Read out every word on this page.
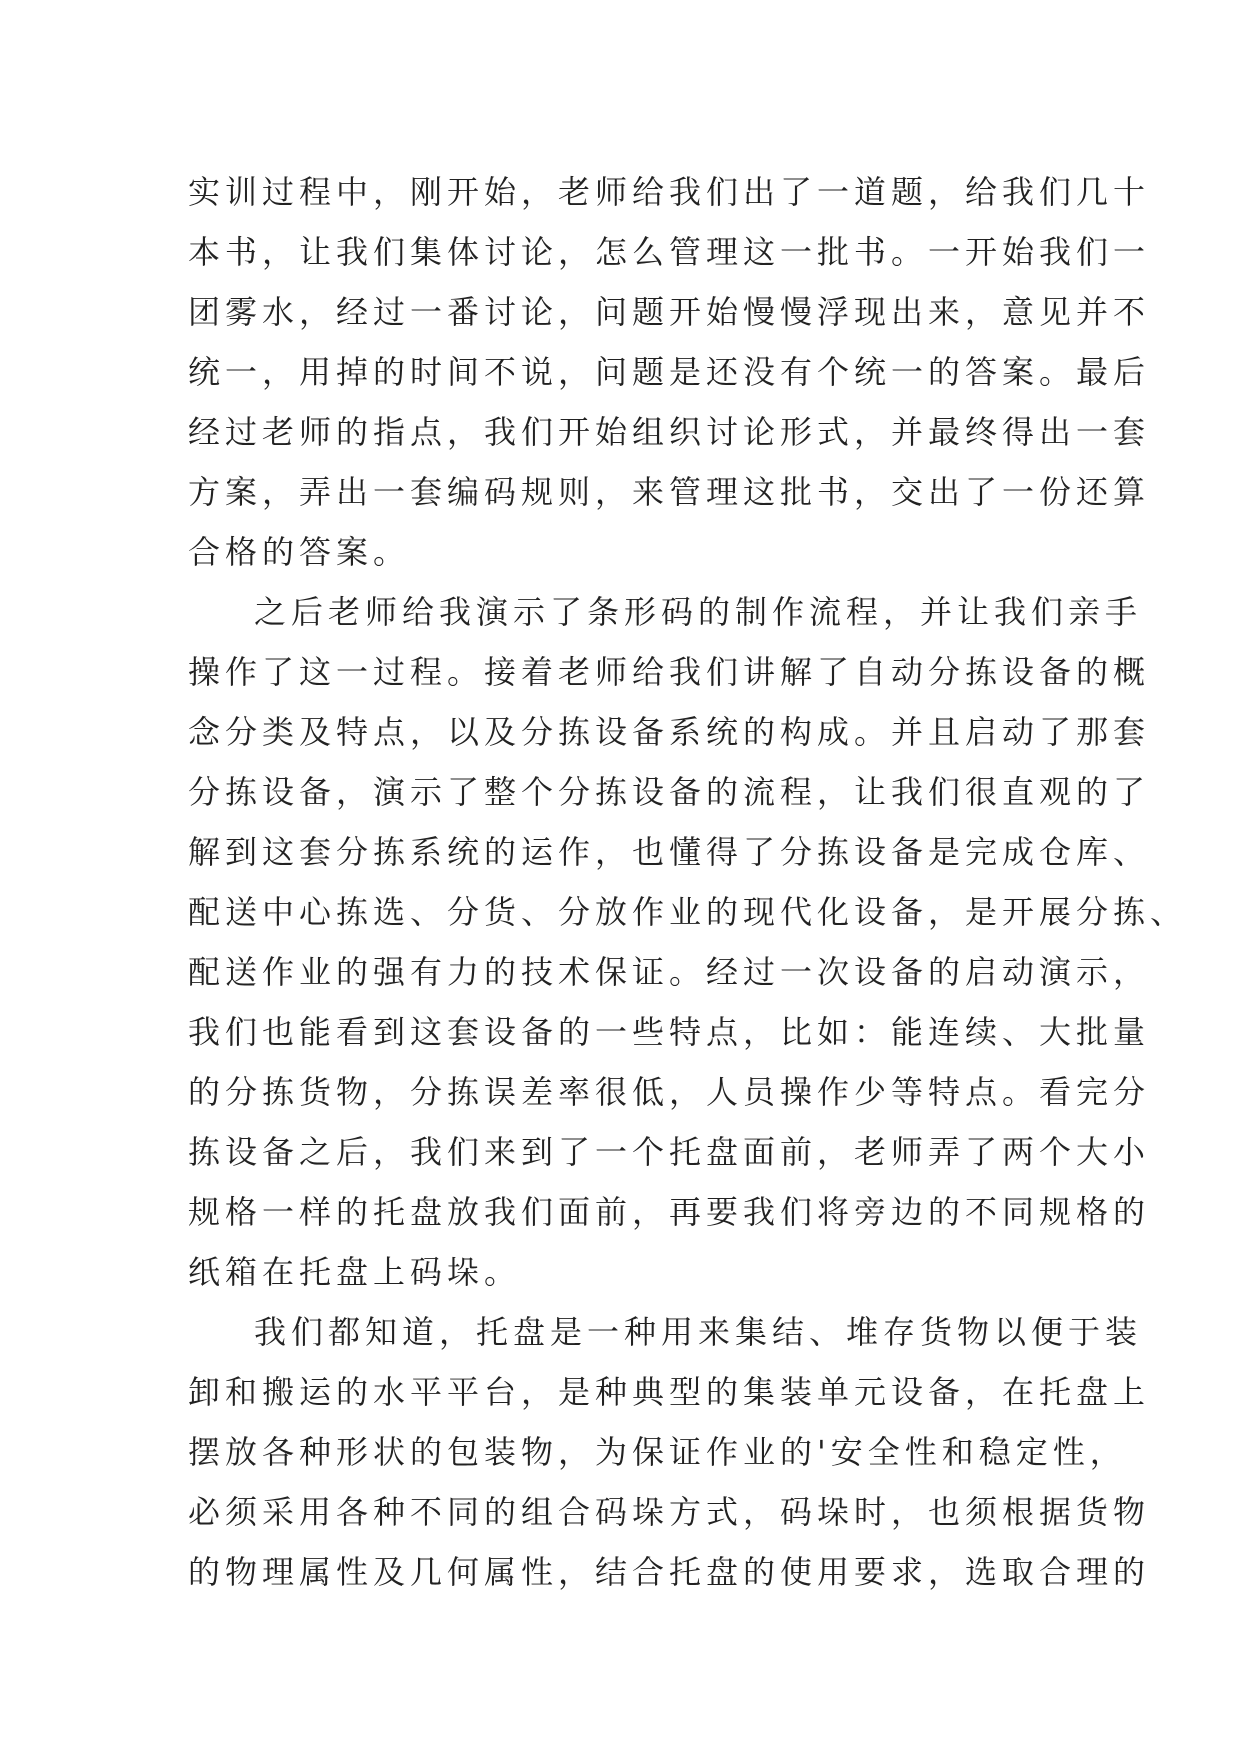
实训过程中，刚开始，老师给我们出了一道题，给我们几十
本书，让我们集体讨论，怎么管理这一批书。一开始我们一
团雾水，经过一番讨论，问题开始慢慢浮现出来，意见并不
统一，用掉的时间不说，问题是还没有个统一的答案。最后
经过老师的指点，我们开始组织讨论形式，并最终得出一套
方案，弄出一套编码规则，来管理这批书，交出了一份还算
合格的答案。
之后老师给我演示了条形码的制作流程，并让我们亲手
操作了这一过程。接着老师给我们讲解了自动分拣设备的概
念分类及特点，以及分拣设备系统的构成。并且启动了那套
分拣设备，演示了整个分拣设备的流程，让我们很直观的了
解到这套分拣系统的运作，也懂得了分拣设备是完成仓库、
配送中心拣选、分货、分放作业的现代化设备，是开展分拣、
配送作业的强有力的技术保证。经过一次设备的启动演示，
我们也能看到这套设备的一些特点，比如：能连续、大批量
的分拣货物，分拣误差率很低，人员操作少等特点。看完分
拣设备之后，我们来到了一个托盘面前，老师弄了两个大小
规格一样的托盘放我们面前，再要我们将旁边的不同规格的
纸箱在托盘上码垛。
我们都知道，托盘是一种用来集结、堆存货物以便于装
卸和搬运的水平平台，是种典型的集装单元设备，在托盘上
摆放各种形状的包装物，为保证作业的'安全性和稳定性，
必须采用各种不同的组合码垛方式，码垛时，也须根据货物
的物理属性及几何属性，结合托盘的使用要求，选取合理的
